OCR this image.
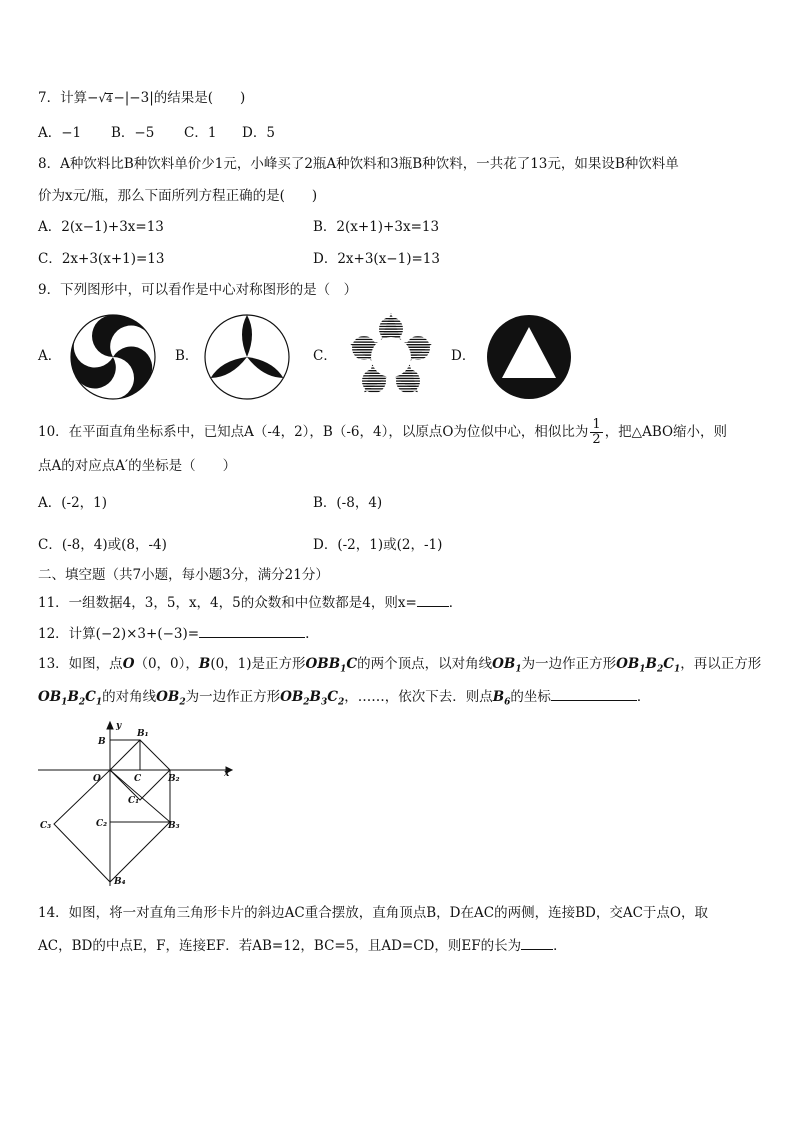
7．计算−√4−|−3|的结果是(　　)
A．−1 B．−5 C．1 D．5
8．A种饮料比B种饮料单价少1元，小峰买了2瓶A种饮料和3瓶B种饮料，一共花了13元，如果设B种饮料单
价为x元/瓶，那么下面所列方程正确的是(　　)
A．2(x−1)+3x=13	B．2(x+1)+3x=13
C．2x+3(x+1)=13	D．2x+3(x−1)=13
9．下列图形中，可以看作是中心对称图形的是（　）
A．	B．	C．	D．
10．在平面直角坐标系中，已知点A（-4，2），B（-6，4），以原点O为位似中心，相似比为 $\frac{1}{2}$ ，把△ABO缩小，则
点A的对应点A′的坐标是（　　）
A．(-2，1)	B．(-8，4)
C．(-8，4)或(8，-4)	D．(-2，1)或(2，-1)
二、填空题（共7小题，每小题3分，满分21分）
11．一组数据4，3，5，x，4，5的众数和中位数都是4，则x= ．
12．计算(−2)×3+(−3)=	.
13．如图，点O（0，0），B(0，1)是正方形$OBB_1C$的两个顶点，以对角线$OB_1$为一边作正方形$OB_1B_2C_1$，再以正方形
$OB_1B_2C_1$的对角线$OB_2$为一边作正方形$OB_2B_3C_2$，……，依次下去．则点$B_6$的坐标	．
y
x
B
B₁
O	C	B₂
C₁
C₃	C₂	B₃
B₄
14．如图，将一对直角三角形卡片的斜边AC重合摆放，直角顶点B，D在AC的两侧，连接BD，交AC于点O，取
AC，BD的中点E，F，连接EF．若AB=12，BC=5，且AD=CD，则EF的长为 ．
